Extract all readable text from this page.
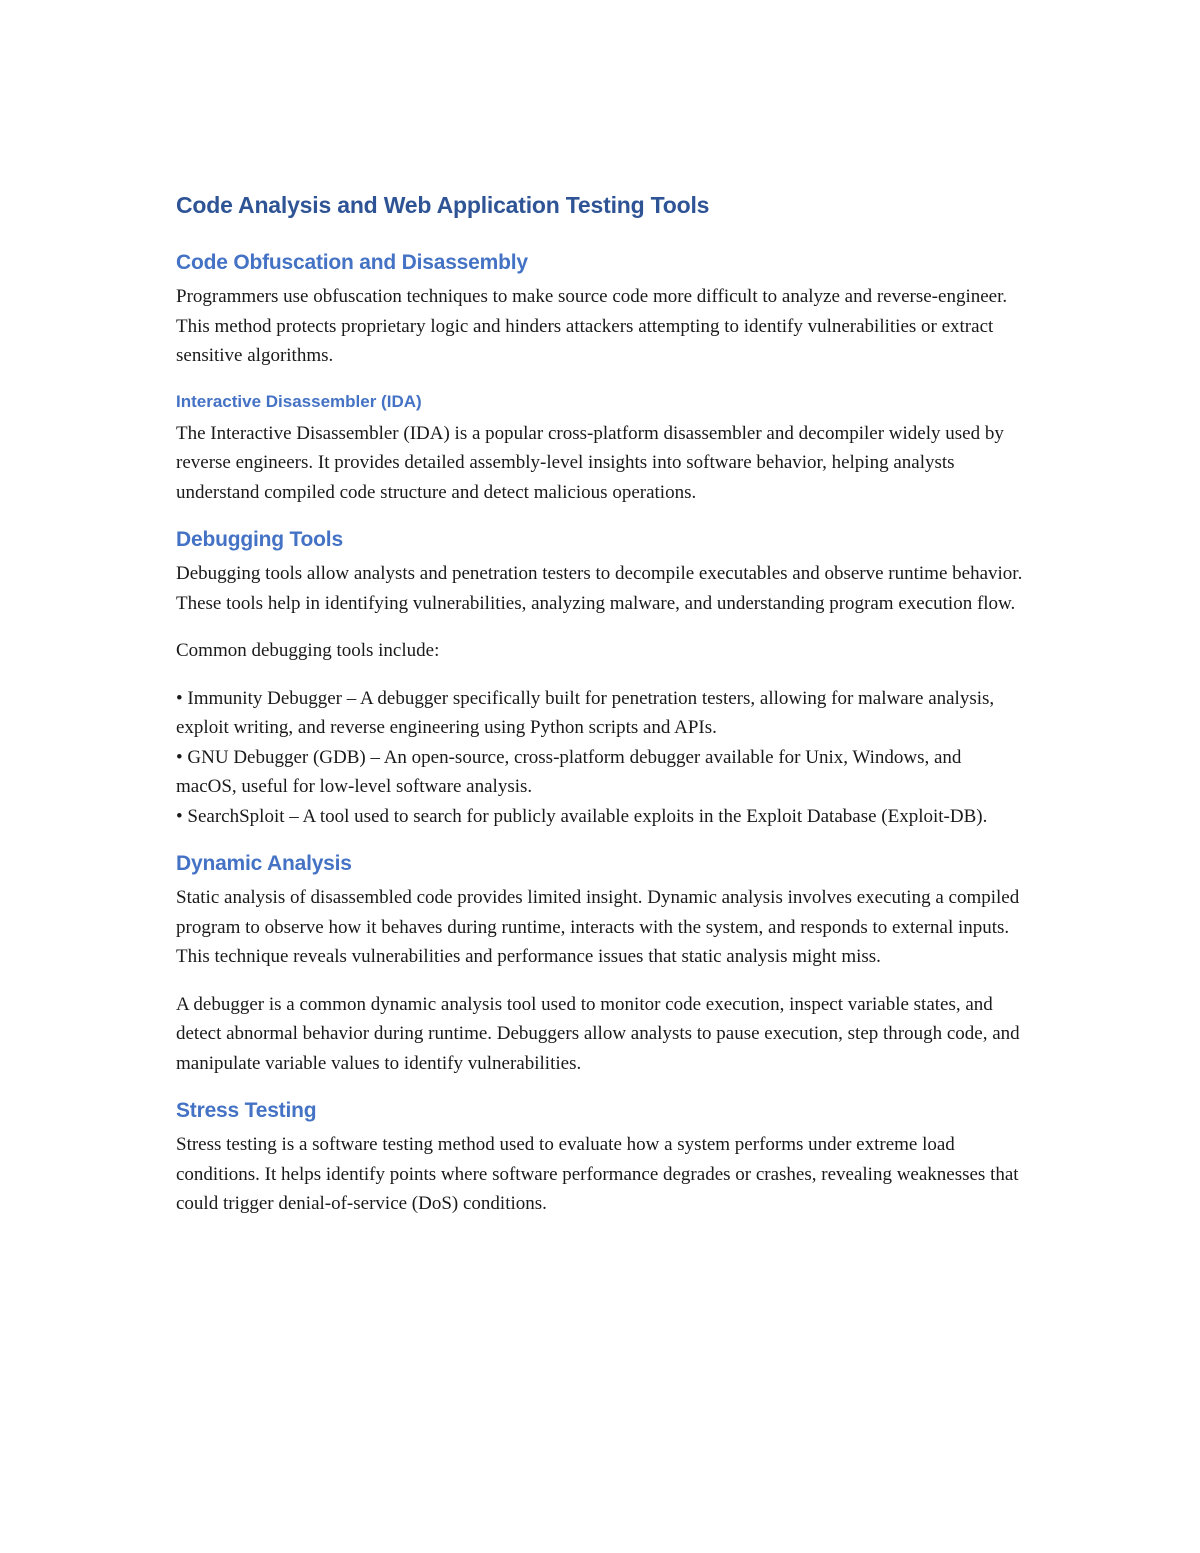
Code Analysis and Web Application Testing Tools
Code Obfuscation and Disassembly

Programmers use obfuscation techniques to make source code more difficult to analyze and reverse-engineer. This method protects proprietary logic and hinders attackers attempting to identify vulnerabilities or extract sensitive algorithms.

Interactive Disassembler (IDA)

The Interactive Disassembler (IDA) is a popular cross-platform disassembler and decompiler widely used by reverse engineers. It provides detailed assembly-level insights into software behavior, helping analysts understand compiled code structure and detect malicious operations.

Debugging Tools

Debugging tools allow analysts and penetration testers to decompile executables and observe runtime behavior. These tools help in identifying vulnerabilities, analyzing malware, and understanding program execution flow.

Common debugging tools include:

• Immunity Debugger – A debugger specifically built for penetration testers, allowing for malware analysis, exploit writing, and reverse engineering using Python scripts and APIs.
• GNU Debugger (GDB) – An open-source, cross-platform debugger available for Unix, Windows, and macOS, useful for low-level software analysis.
• SearchSploit – A tool used to search for publicly available exploits in the Exploit Database (Exploit-DB).
Dynamic Analysis

Static analysis of disassembled code provides limited insight. Dynamic analysis involves executing a compiled program to observe how it behaves during runtime, interacts with the system, and responds to external inputs. This technique reveals vulnerabilities and performance issues that static analysis might miss.

A debugger is a common dynamic analysis tool used to monitor code execution, inspect variable states, and detect abnormal behavior during runtime. Debuggers allow analysts to pause execution, step through code, and manipulate variable values to identify vulnerabilities.

Stress Testing

Stress testing is a software testing method used to evaluate how a system performs under extreme load conditions. It helps identify points where software performance degrades or crashes, revealing weaknesses that could trigger denial-of-service (DoS) conditions.
